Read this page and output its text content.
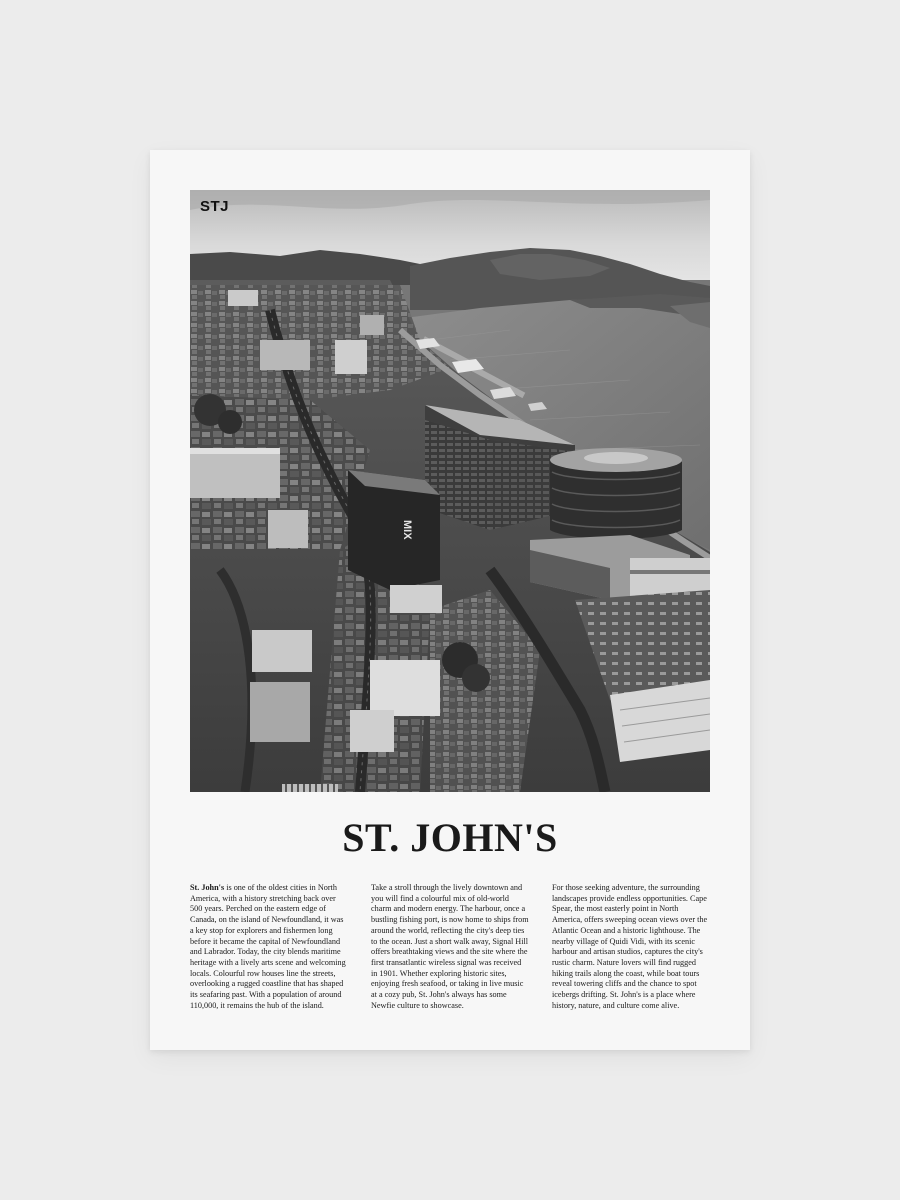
MIX
STJ
ST. JOHN'S

St. John's is one of the oldest cities in North America, with a history stretching back over 500 years. Perched on the eastern edge of Canada, on the island of Newfoundland, it was a key stop for explorers and fishermen long before it became the capital of Newfoundland and Labrador. Today, the city blends maritime heritage with a lively arts scene and welcoming locals. Colourful row houses line the streets, overlooking a rugged coastline that has shaped its seafaring past. With a population of around 110,000, it remains the hub of the island.

Take a stroll through the lively downtown and you will find a colourful mix of old-world charm and modern energy. The harbour, once a bustling fishing port, is now home to ships from around the world, reflecting the city's deep ties to the ocean. Just a short walk away, Signal Hill offers breathtaking views and the site where the first transatlantic wireless signal was received in 1901. Whether exploring historic sites, enjoying fresh seafood, or taking in live music at a cozy pub, St. John's always has some Newfie culture to showcase.

For those seeking adventure, the surrounding landscapes provide endless opportunities. Cape Spear, the most easterly point in North America, offers sweeping ocean views over the Atlantic Ocean and a historic lighthouse. The nearby village of Quidi Vidi, with its scenic harbour and artisan studios, captures the city's rustic charm. Nature lovers will find rugged hiking trails along the coast, while boat tours reveal towering cliffs and the chance to spot icebergs drifting. St. John's is a place where history, nature, and culture come alive.
